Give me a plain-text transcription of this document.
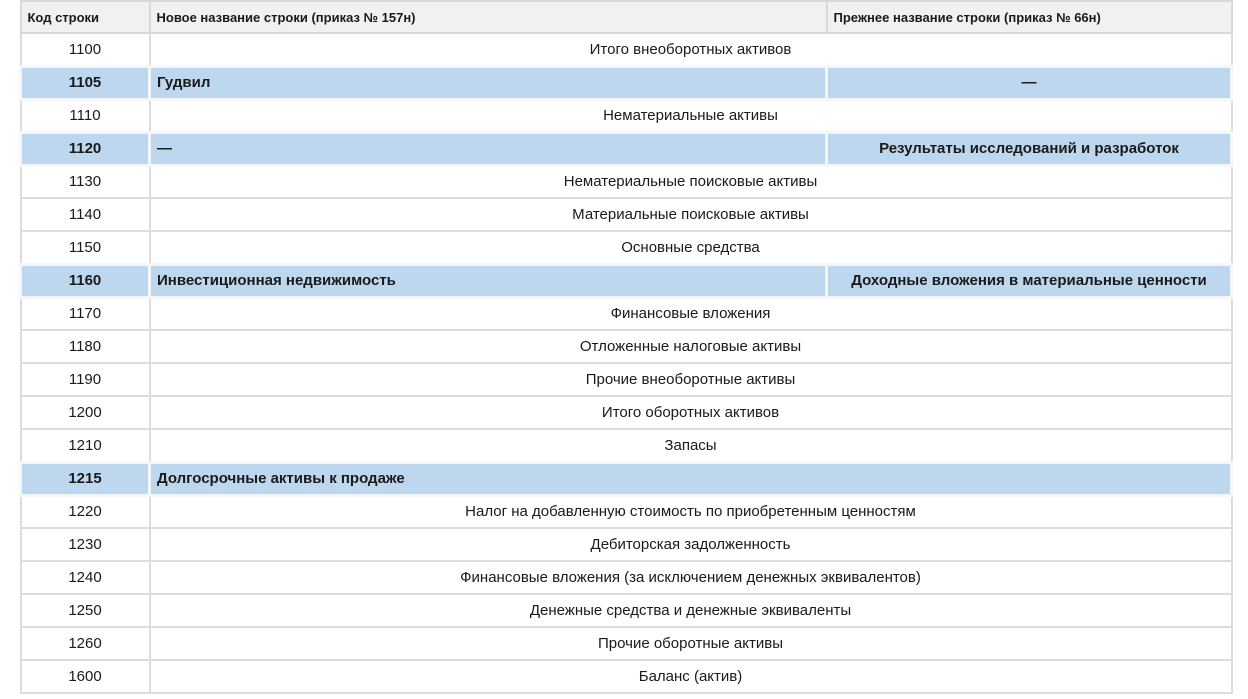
Код строки	Новое название строки (приказ № 157н)	Прежнее название строки (приказ № 66н)
1100	Итого внеоборотных активов	
1105	Гудвил	—
1110	Нематериальные активы	
1120	—	Результаты исследований и разработок
1130	Нематериальные поисковые активы	
1140	Материальные поисковые активы	
1150	Основные средства	
1160	Инвестиционная недвижимость	Доходные вложения в материальные ценности
1170	Финансовые вложения	
1180	Отложенные налоговые активы	
1190	Прочие внеоборотные активы	
1200	Итого оборотных активов	
1210	Запасы	
1215	Долгосрочные активы к продаже	
1220	Налог на добавленную стоимость по приобретенным ценностям	
1230	Дебиторская задолженность	
1240	Финансовые вложения (за исключением денежных эквивалентов)	
1250	Денежные средства и денежные эквиваленты	
1260	Прочие оборотные активы	
1600	Баланс (актив)	
